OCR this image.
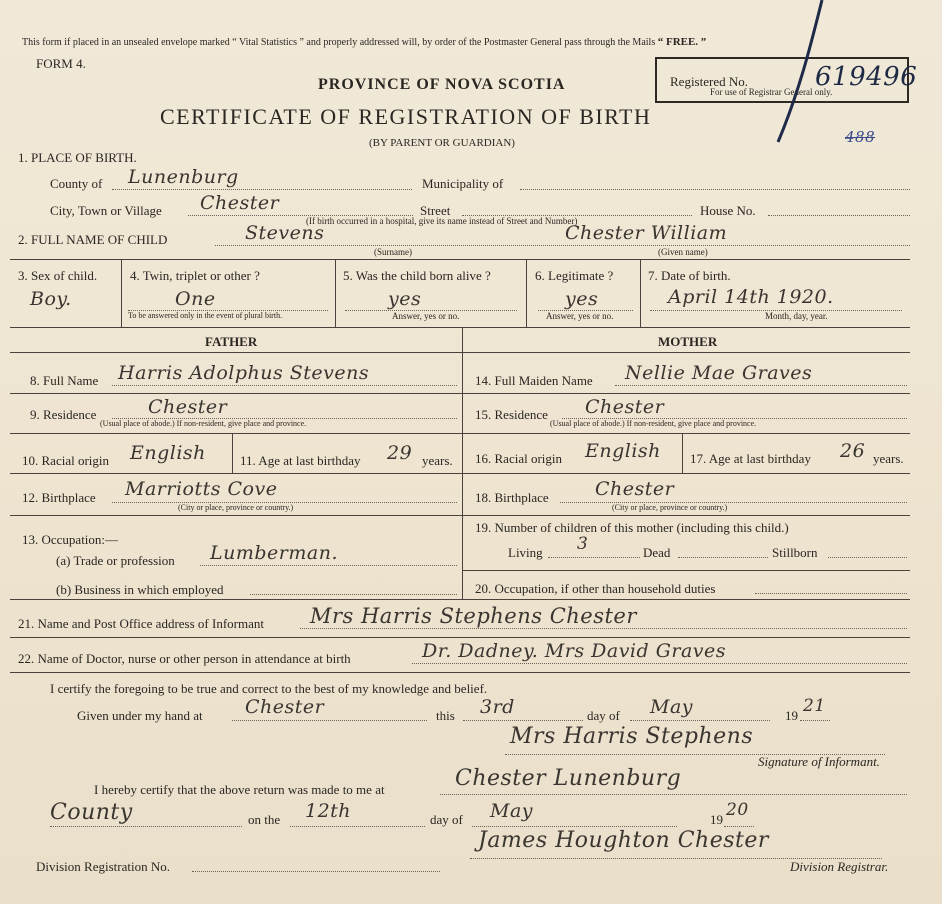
This form if placed in an unsealed envelope marked “ Vital Statistics ” and properly addressed will, by order of the Postmaster General pass through the Mails “ FREE. ”
FORM 4.
PROVINCE OF NOVA SCOTIA
CERTIFICATE OF REGISTRATION OF BIRTH
(BY PARENT OR GUARDIAN)
Registered No.	619496
For use of Registrar General only.
488
1. PLACE OF BIRTH.
County of Lunenburg	Municipality of
City, Town or Village Chester	Street	House No.
(If birth occurred in a hospital, give its name instead of Street and Number)
2. FULL NAME OF CHILD	Stevens	Chester William
(Surname)	(Given name)
3. Sex of child.
Boy.
4. Twin, triplet or other ?
One
To be answered only in the event of plural birth.
5. Was the child born alive ?
yes
Answer, yes or no.
6. Legitimate ?
yes
Answer, yes or no.
7. Date of birth.
April 14th 1920.
Month, day, year.
FATHER	MOTHER
8. Full Name Harris Adolphus Stevens
9. Residence	Chester
(Usual place of abode.) If non-resident, give place and province.
10. Racial origin English	11. Age at last birthday 29 years.
12. Birthplace Marriotts Cove
(City or place, province or country.)
13. Occupation:—
(a) Trade or profession Lumberman.
(b) Business in which employed
14. Full Maiden Name Nellie Mae Graves
15. Residence Chester
(Usual place of abode.) If non-resident, give place and province.
16. Racial origin English 17. Age at last birthday 26 years.
18. Birthplace Chester
(City or place, province or country.)
19. Number of children of this mother (including this child.)
Living 3	Dead	Stillborn
20. Occupation, if other than household duties
21. Name and Post Office address of Informant Mrs Harris Stephens Chester
22. Name of Doctor, nurse or other person in attendance at birth	Dr. Dadney. Mrs David Graves
I certify the foregoing to be true and correct to the best of my knowledge and belief.
Given under my hand at Chester	this 3rd	day of May	19 21
Mrs Harris Stephens
Signature of Informant.
I hereby certify that the above return was made to me at	Chester Lunenburg
County	on the 12th	day of May	19 20
James Houghton Chester
Division Registration No.	Division Registrar.
